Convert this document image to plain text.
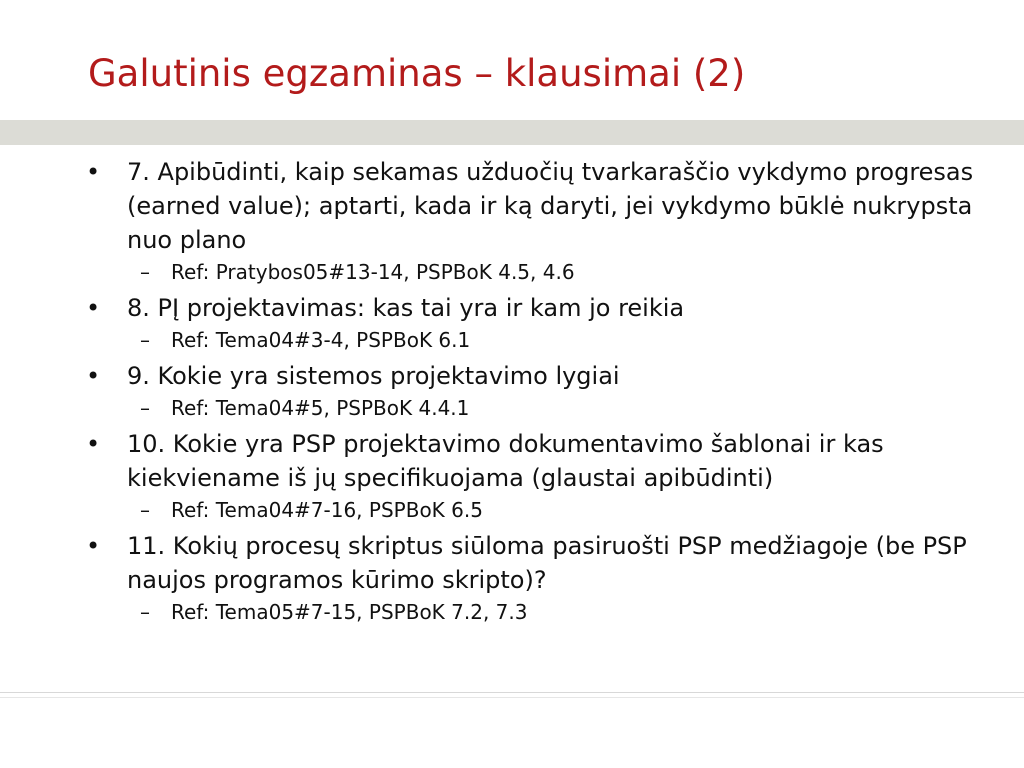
Galutinis egzaminas – klausimai (2)
• 7. Apibūdinti, kaip sekamas užduočių tvarkaraščio vykdymo progresas (earned value); aptarti, kada ir ką daryti, jei vykdymo būklė nukrypsta nuo plano
– Ref: Pratybos05#13-14, PSPBoK 4.5, 4.6
• 8. PĮ projektavimas: kas tai yra ir kam jo reikia
– Ref: Tema04#3-4, PSPBoK 6.1
• 9. Kokie yra sistemos projektavimo lygiai
– Ref: Tema04#5, PSPBoK 4.4.1
• 10. Kokie yra PSP projektavimo dokumentavimo šablonai ir kas kiekviename iš jų specifikuojama (glaustai apibūdinti)
– Ref: Tema04#7-16, PSPBoK 6.5
• 11. Kokių procesų skriptus siūloma pasiruošti PSP medžiagoje (be PSP naujos programos kūrimo skripto)?
– Ref: Tema05#7-15, PSPBoK 7.2, 7.3
